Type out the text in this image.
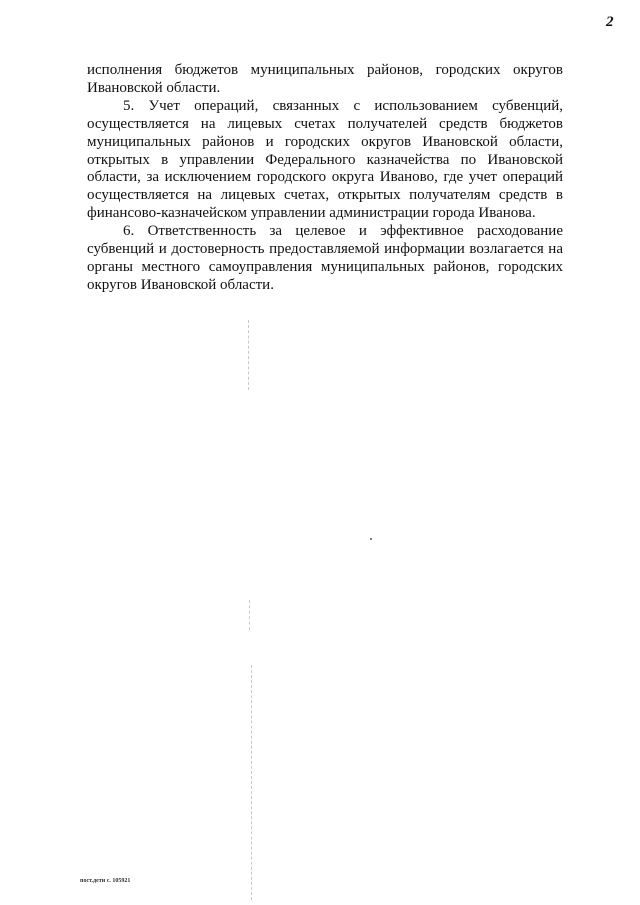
2

исполнения бюджетов муниципальных районов, городских округов Ивановской области.

5. Учет операций, связанных с использованием субвенций, осуществляется на лицевых счетах получателей средств бюджетов муниципальных районов и городских округов Ивановской области, открытых в управлении Федерального казначейства по Ивановской области, за исключением городского округа Иваново, где учет операций осуществляется на лицевых счетах, открытых получателям средств в финансово-казначейском управлении администрации города Иванова.

6. Ответственность за целевое и эффективное расходование субвенций и достоверность предоставляемой информации возлагается на органы местного самоуправления муниципальных районов, городских округов Ивановской области.

пост.дети с. 105921
